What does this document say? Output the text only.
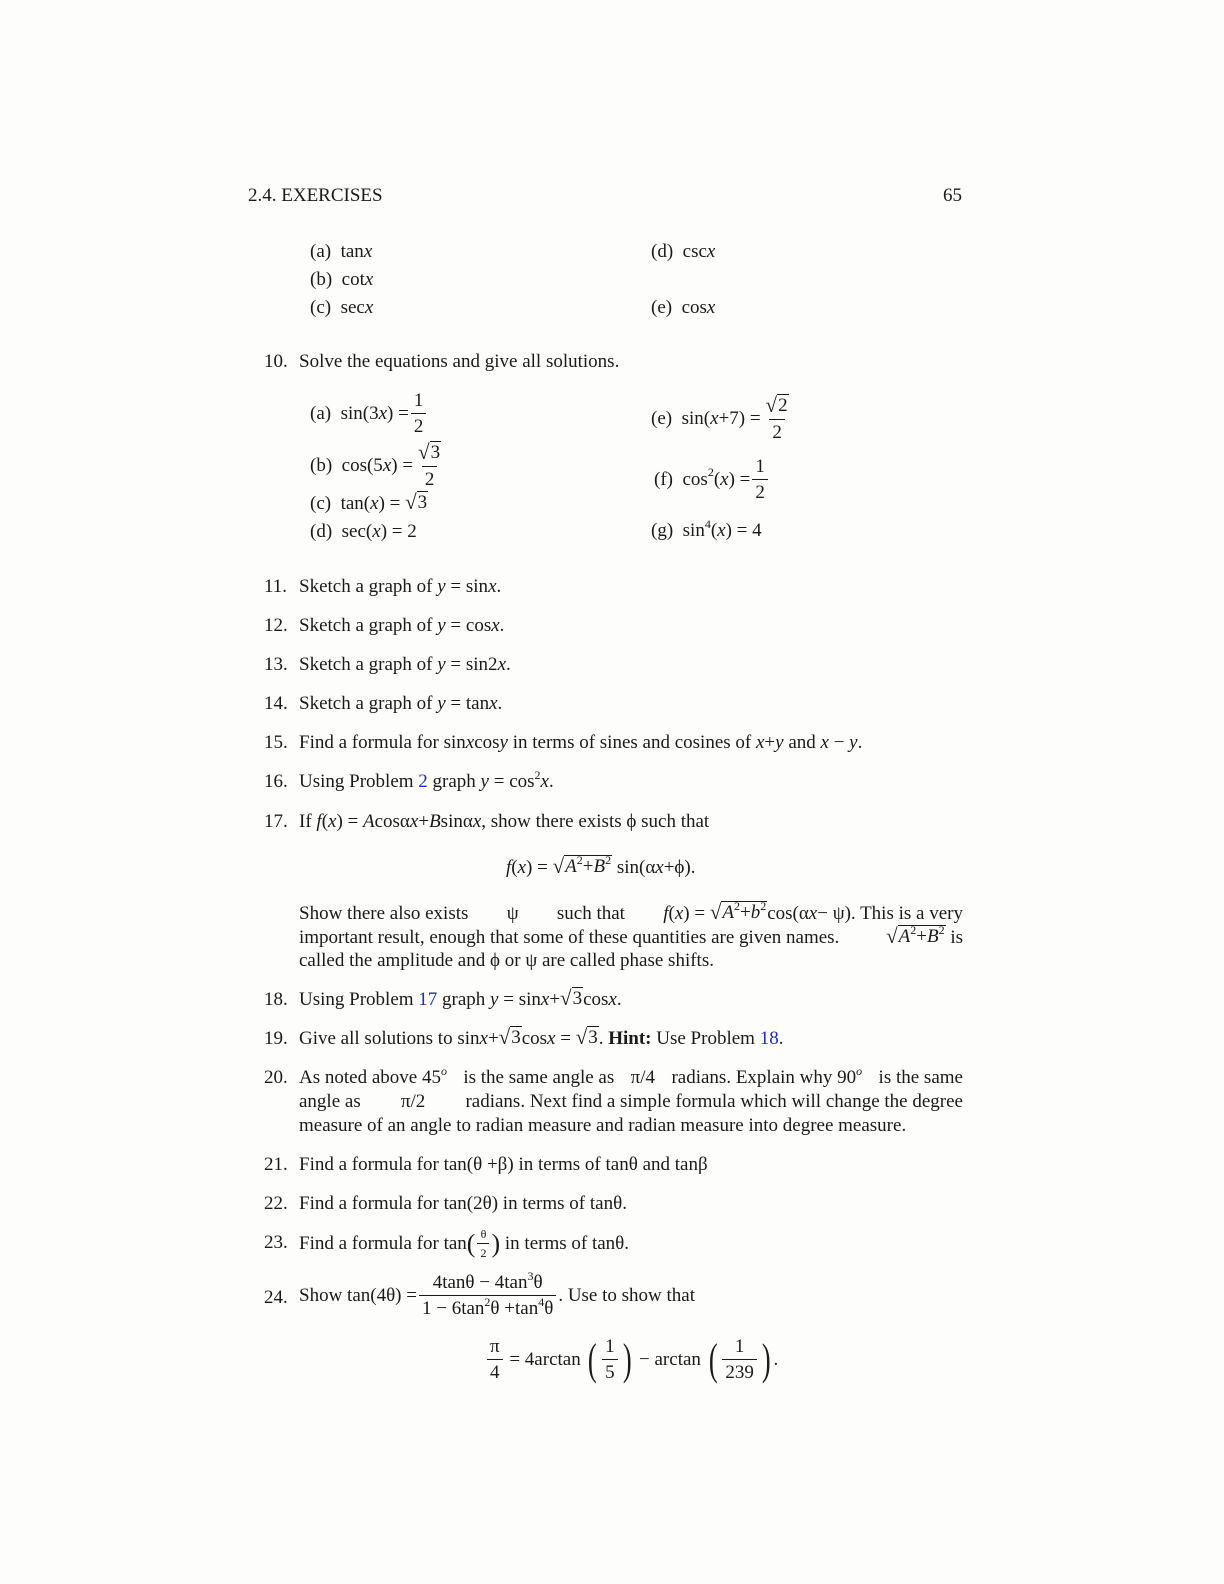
2.4. EXERCISES	65
(a)  tanx
(b)  cotx
(c)  secx
(d)  cscx
(e)  cosx
10. Solve the equations and give all solutions.
(a) sin(3 x ) = $\frac{1}{2}$
(b) cos(5 x ) = $\frac{√ 3}{2}$
(c) tan( x ) = √ 3
(d)  sec(x) = 2
(e) sin( $x +7) = \frac{√ 2}{2}$
(f) $\cos^2$ ( x ) = $\frac{1}{2}$
(g)  $\sin^4(x) = 4$
11. Sketch a graph of y = sinx.
12. Sketch a graph of y = cosx.
13. Sketch a graph of y = sin2x.
14. Sketch a graph of y = tanx.
15. Find a formula for sinxcosy in terms of sines and cosines of x+y and x − y.
16. Using Problem 2 graph $y = \cos^2x$.
17. If f(x) = Acosαx+Bsinαx, show there exists ϕ such that
f ( x ) = √ $A^2+B^2$ sin(α x +ϕ).
Show there also exists ψ such that f ( x ) = √ $A^2+b^2$ cos(α x − ψ) . This is a very
important result, enough that some of these quantities are given names. √ $A^2+B^2$
is
called the amplitude and ϕ or ψ are called phase shifts.
18. Using Problem
17
graph
y = sin x + √ 3 cos x .
19. Give all solutions to sin x + √ 3 cos x = √ 3 . Hint:
Use Problem
18 .
20. As noted above 45$^o$ is the same angle as π/4 radians. Explain why 90$^o$ is the same
angle as π/2 radians. Next find a simple formula which will change the degree
measure of an angle to radian measure and radian measure into degree measure.
21. Find a formula for tan(θ +β) in terms of tanθ and tanβ
22. Find a formula for tan(2θ) in terms of tanθ.
23. Find a formula for tan ( $\frac{\theta}{2}$ )
in terms of tanθ.
24. Show $\tan(4\theta) = \frac{4\tan\theta - 4\tan^3\theta}{1 - 6\tan^2\theta +\tan^4\theta}$ . Use to show that
$\frac{\pi}{4} = 4\arctan$ ( $\frac{1}{5}$ ) − arctan ( $\frac{1}{239}$ ) .
